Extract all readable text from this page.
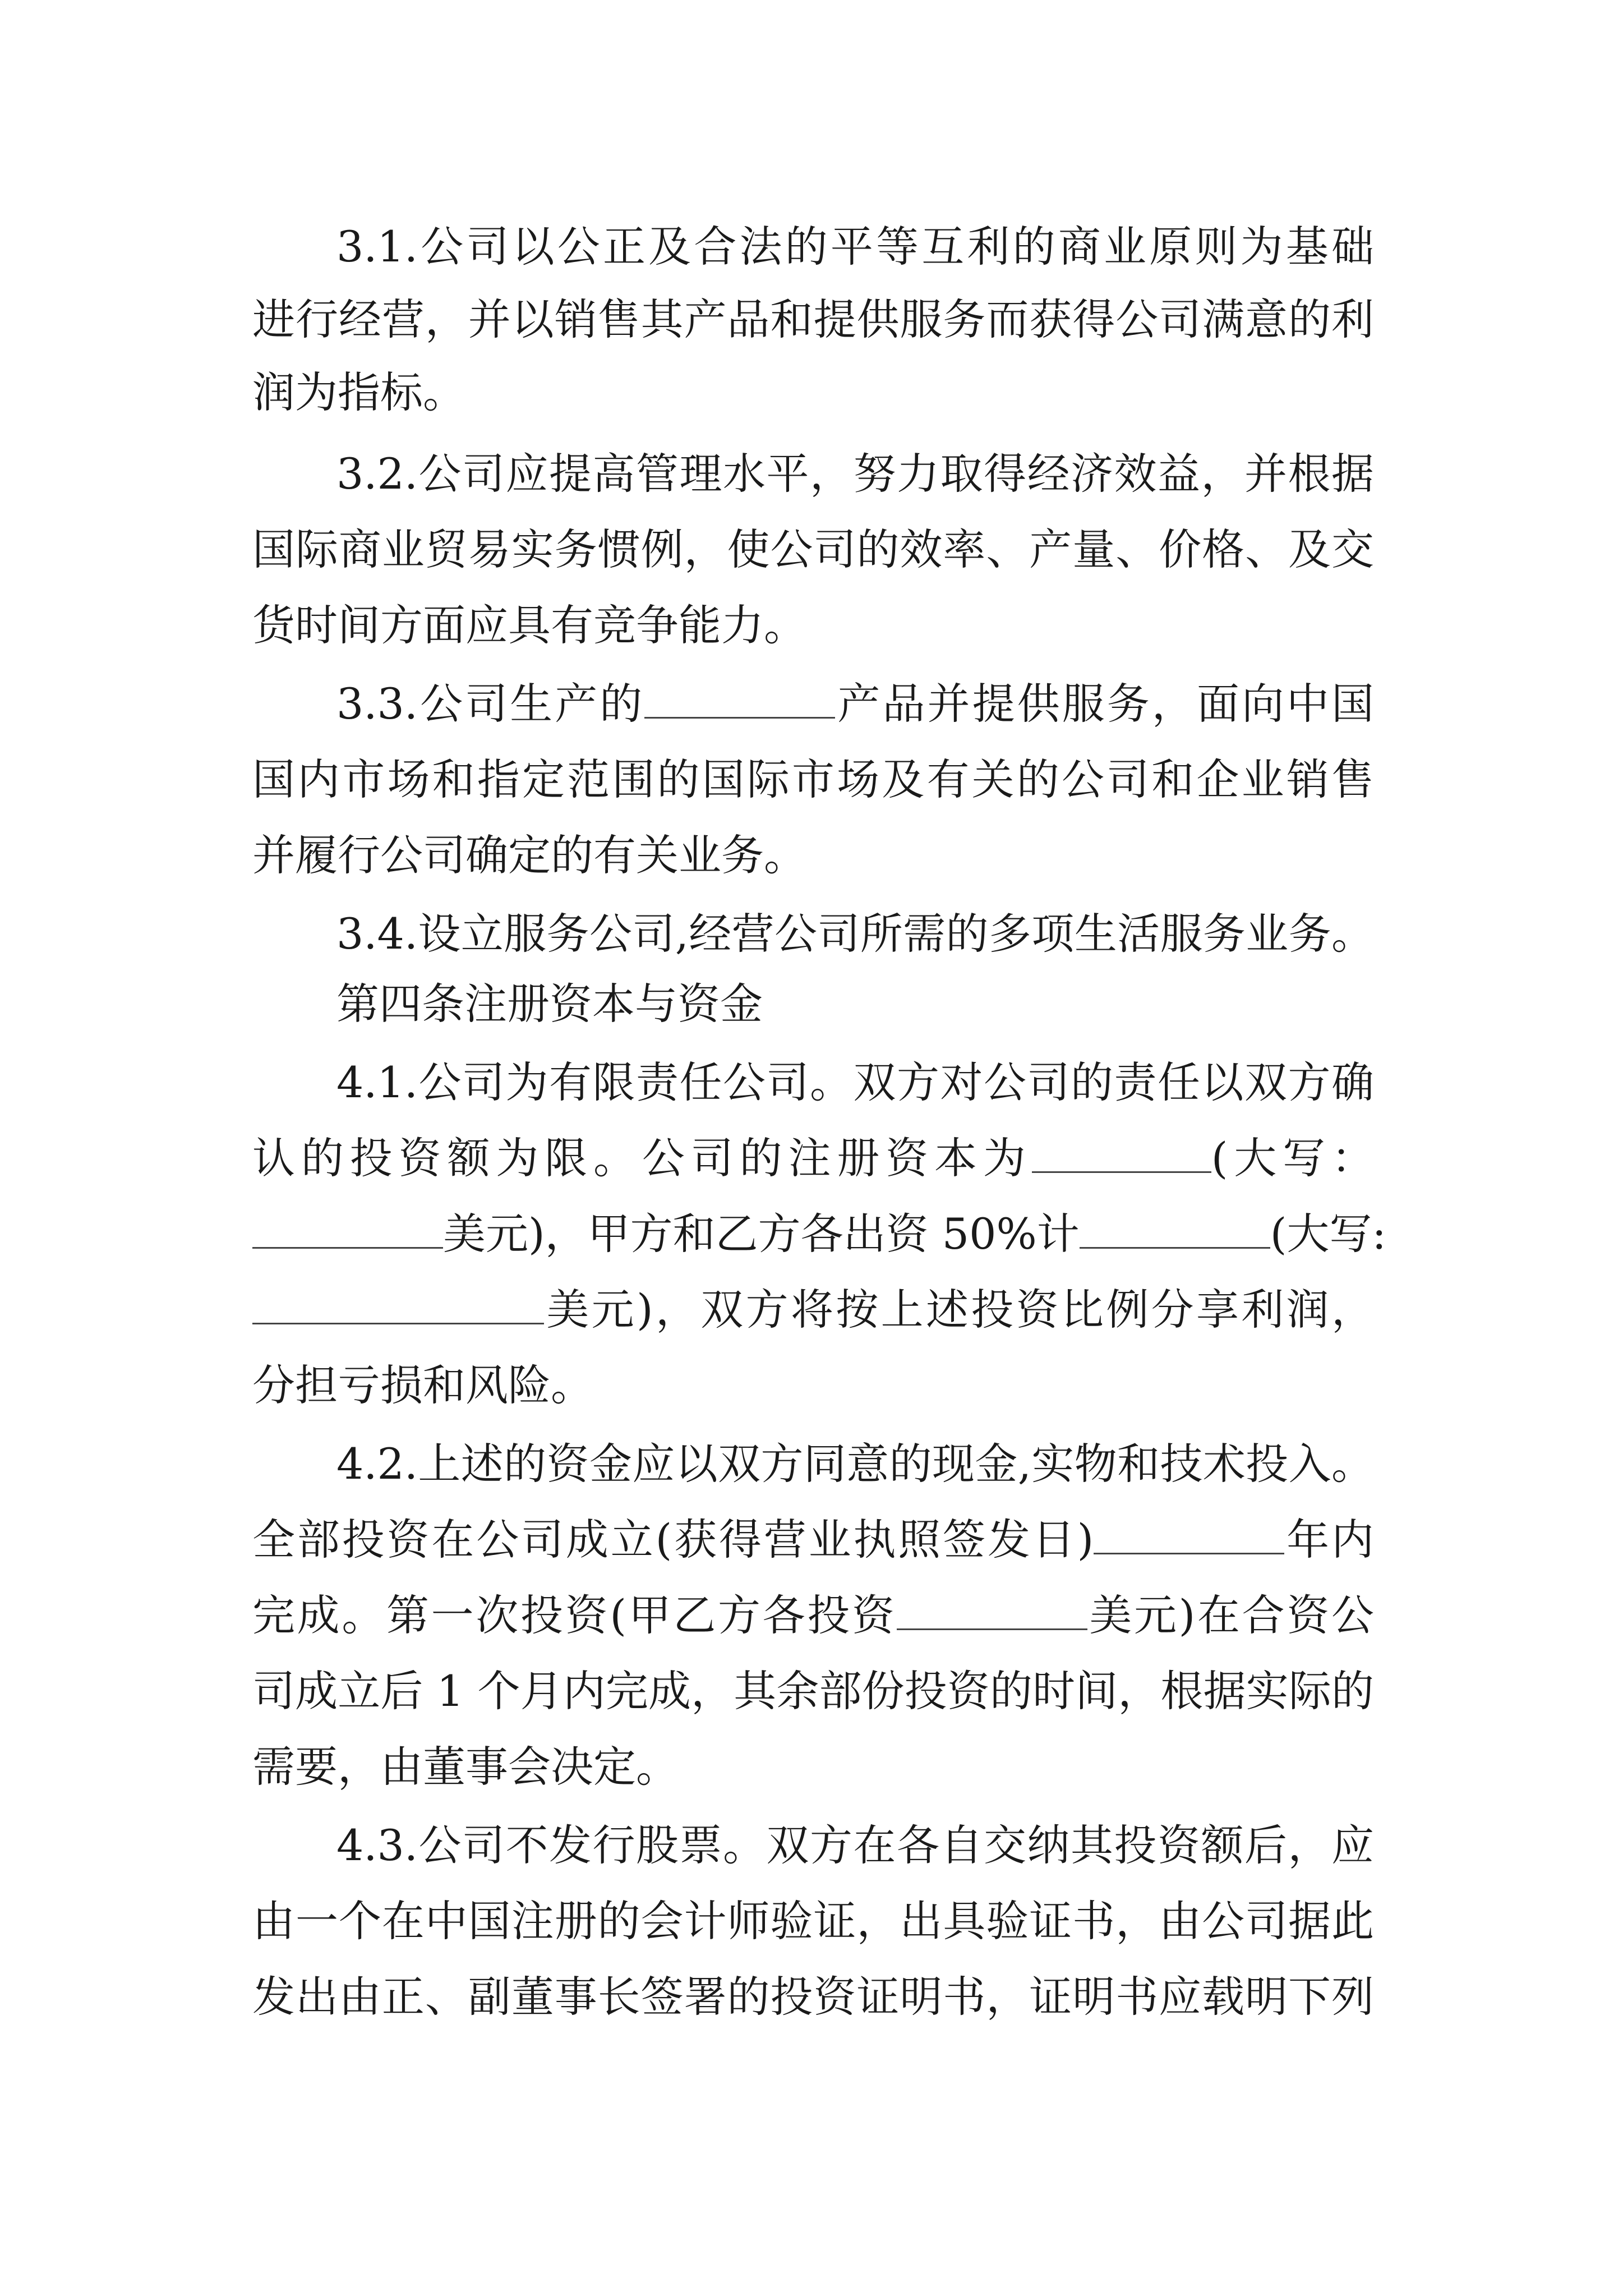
3.1.公司以公正及合法的平等互利的商业原则为基础
进行经营，并以销售其产品和提供服务而获得公司满意的利
润为指标。
3.2.公司应提高管理水平，努力取得经济效益，并根据
国际商业贸易实务惯例，使公司的效率、产量、价格、及交
货时间方面应具有竞争能力。
3.3.公司生产的	产品并提供服务，面向中国
国内市场和指定范围的国际市场及有关的公司和企业销售
并履行公司确定的有关业务。
3.4.设立服务公司,经营公司所需的多项生活服务业务。
第四条注册资本与资金
4.1.公司为有限责任公司。双方对公司的责任以双方确
认的投资额为限。公司的注册资本为	(大写：
美元)，甲方和乙方各出资 50%计	(大写:
美元)，双方将按上述投资比例分享利润，
分担亏损和风险。
4.2.上述的资金应以双方同意的现金,实物和技术投入。
全部投资在公司成立(获得营业执照签发日)	年内
完成。第一次投资(甲乙方各投资	美元)在合资公
司成立后 1 个月内完成，其余部份投资的时间，根据实际的
需要，由董事会决定。
4.3.公司不发行股票。双方在各自交纳其投资额后，应
由一个在中国注册的会计师验证，出具验证书，由公司据此
发出由正、副董事长签署的投资证明书，证明书应载明下列
